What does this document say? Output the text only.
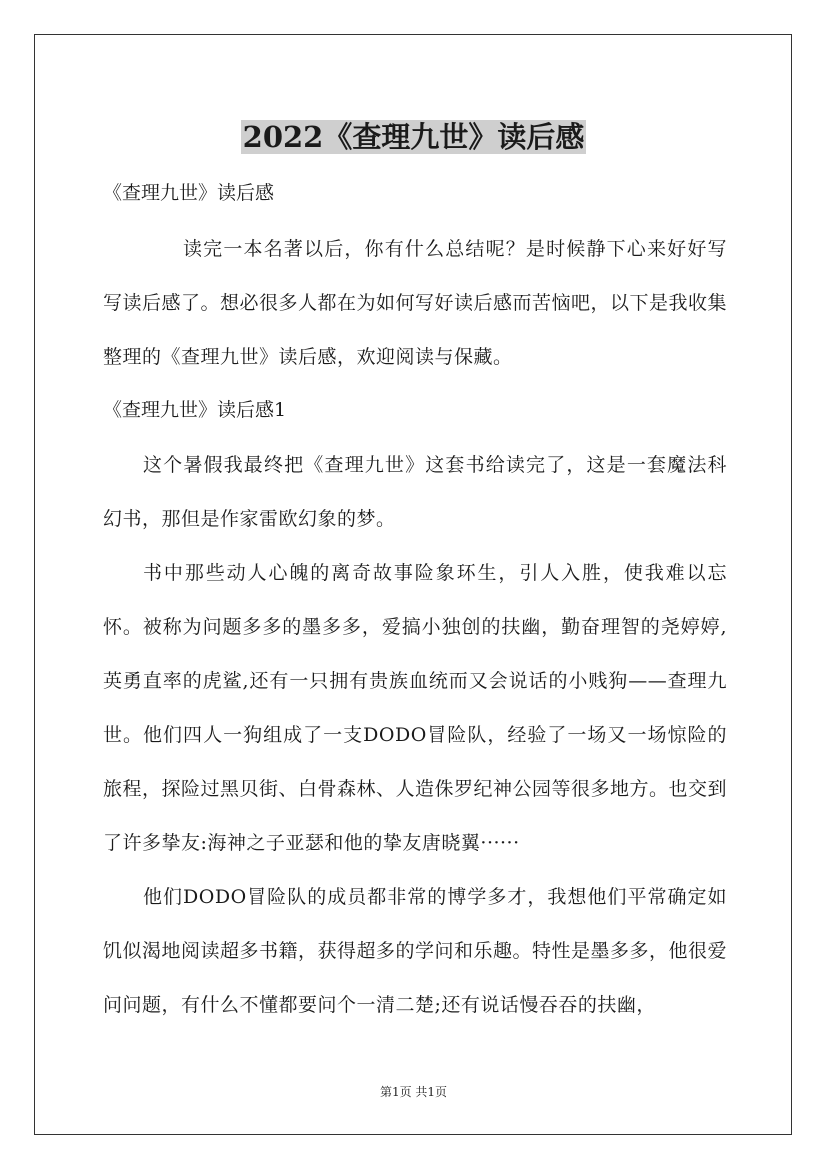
2022《查理九世》读后感

《查理九世》读后感

读完一本名著以后，你有什么总结呢？是时候静下心来好好写写读后感了。想必很多人都在为如何写好读后感而苦恼吧，以下是我收集整理的《查理九世》读后感，欢迎阅读与保藏。

《查理九世》读后感1

这个暑假我最终把《查理九世》这套书给读完了，这是一套魔法科幻书，那但是作家雷欧幻象的梦。

书中那些动人心魄的离奇故事险象环生，引人入胜，使我难以忘怀。被称为问题多多的墨多多，爱搞小独创的扶幽，勤奋理智的尧婷婷,英勇直率的虎鲨,还有一只拥有贵族血统而又会说话的小贱狗——查理九世。他们四人一狗组成了一支DODO冒险队，经验了一场又一场惊险的旅程，探险过黑贝街、白骨森林、人造侏罗纪神公园等很多地方。也交到了许多挚友:海神之子亚瑟和他的挚友唐晓翼······

他们DODO冒险队的成员都非常的博学多才，我想他们平常确定如饥似渴地阅读超多书籍，获得超多的学问和乐趣。特性是墨多多，他很爱问问题，有什么不懂都要问个一清二楚;还有说话慢吞吞的扶幽，

第1页 共1页
